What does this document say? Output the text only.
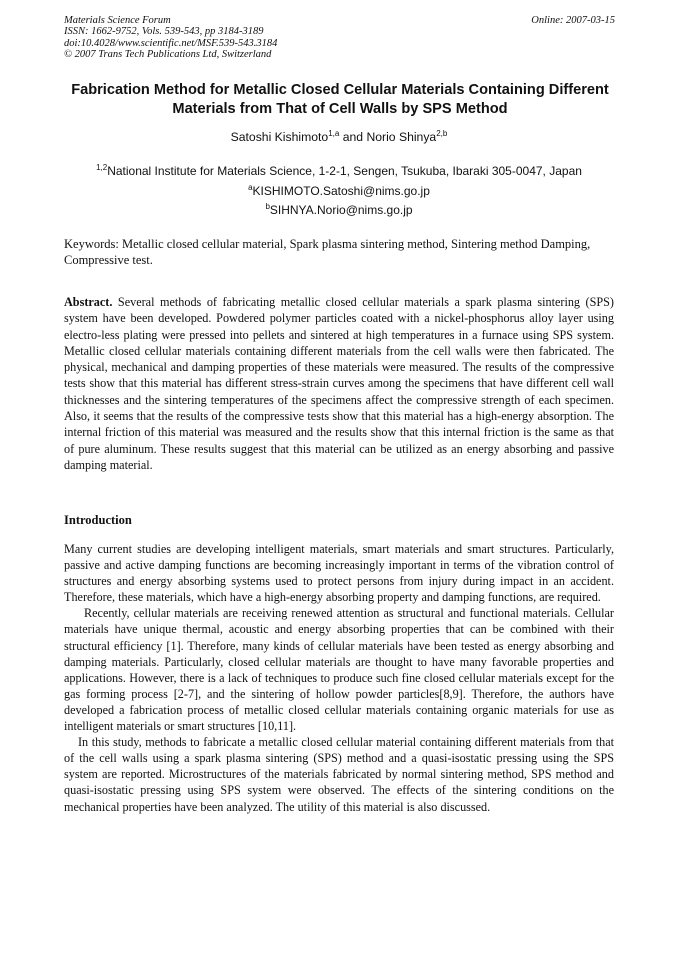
Materials Science Forum
ISSN: 1662-9752, Vols. 539-543, pp 3184-3189
doi:10.4028/www.scientific.net/MSF.539-543.3184
© 2007 Trans Tech Publications Ltd, Switzerland
Online: 2007-03-15
Fabrication Method for Metallic Closed Cellular Materials Containing Different Materials from That of Cell Walls by SPS Method
Satoshi Kishimoto$^{1,a}$ and Norio Shinya$^{2,b}$
$^{1,2}$National Institute for Materials Science, 1-2-1, Sengen, Tsukuba, Ibaraki 305-0047, Japan
$^a$KISHIMOTO.Satoshi@nims.go.jp
$^b$SIHNYA.Norio@nims.go.jp
Keywords: Metallic closed cellular material, Spark plasma sintering method, Sintering method Damping, Compressive test.
Abstract. Several methods of fabricating metallic closed cellular materials a spark plasma sintering (SPS) system have been developed. Powdered polymer particles coated with a nickel-phosphorus alloy layer using electro-less plating were pressed into pellets and sintered at high temperatures in a furnace using SPS system. Metallic closed cellular materials containing different materials from the cell walls were then fabricated. The physical, mechanical and damping properties of these materials were measured. The results of the compressive tests show that this material has different stress-strain curves among the specimens that have different cell wall thicknesses and the sintering temperatures of the specimens affect the compressive strength of each specimen. Also, it seems that the results of the compressive tests show that this material has a high-energy absorption. The internal friction of this material was measured and the results show that this internal friction is the same as that of pure aluminum. These results suggest that this material can be utilized as an energy absorbing and passive damping material.
Introduction

Many current studies are developing intelligent materials, smart materials and smart structures. Particularly, passive and active damping functions are becoming increasingly important in terms of the vibration control of structures and energy absorbing systems used to protect persons from injury during impact in an accident. Therefore, these materials, which have a high-energy absorbing property and damping functions, are required.

Recently, cellular materials are receiving renewed attention as structural and functional materials. Cellular materials have unique thermal, acoustic and energy absorbing properties that can be combined with their structural efficiency [1]. Therefore, many kinds of cellular materials have been tested as energy absorbing and damping materials. Particularly, closed cellular materials are thought to have many favorable properties and applications. However, there is a lack of techniques to produce such fine closed cellular materials except for the gas forming process [2-7], and the sintering of hollow powder particles[8,9]. Therefore, the authors have developed a fabrication process of metallic closed cellular materials containing organic materials for use as intelligent materials or smart structures [10,11].

In this study, methods to fabricate a metallic closed cellular material containing different materials from that of the cell walls using a spark plasma sintering (SPS) method and a quasi-isostatic pressing using the SPS system are reported. Microstructures of the materials fabricated by normal sintering method, SPS method and quasi-isostatic pressing using SPS system were observed. The effects of the sintering conditions on the mechanical properties have been analyzed. The utility of this material is also discussed.
